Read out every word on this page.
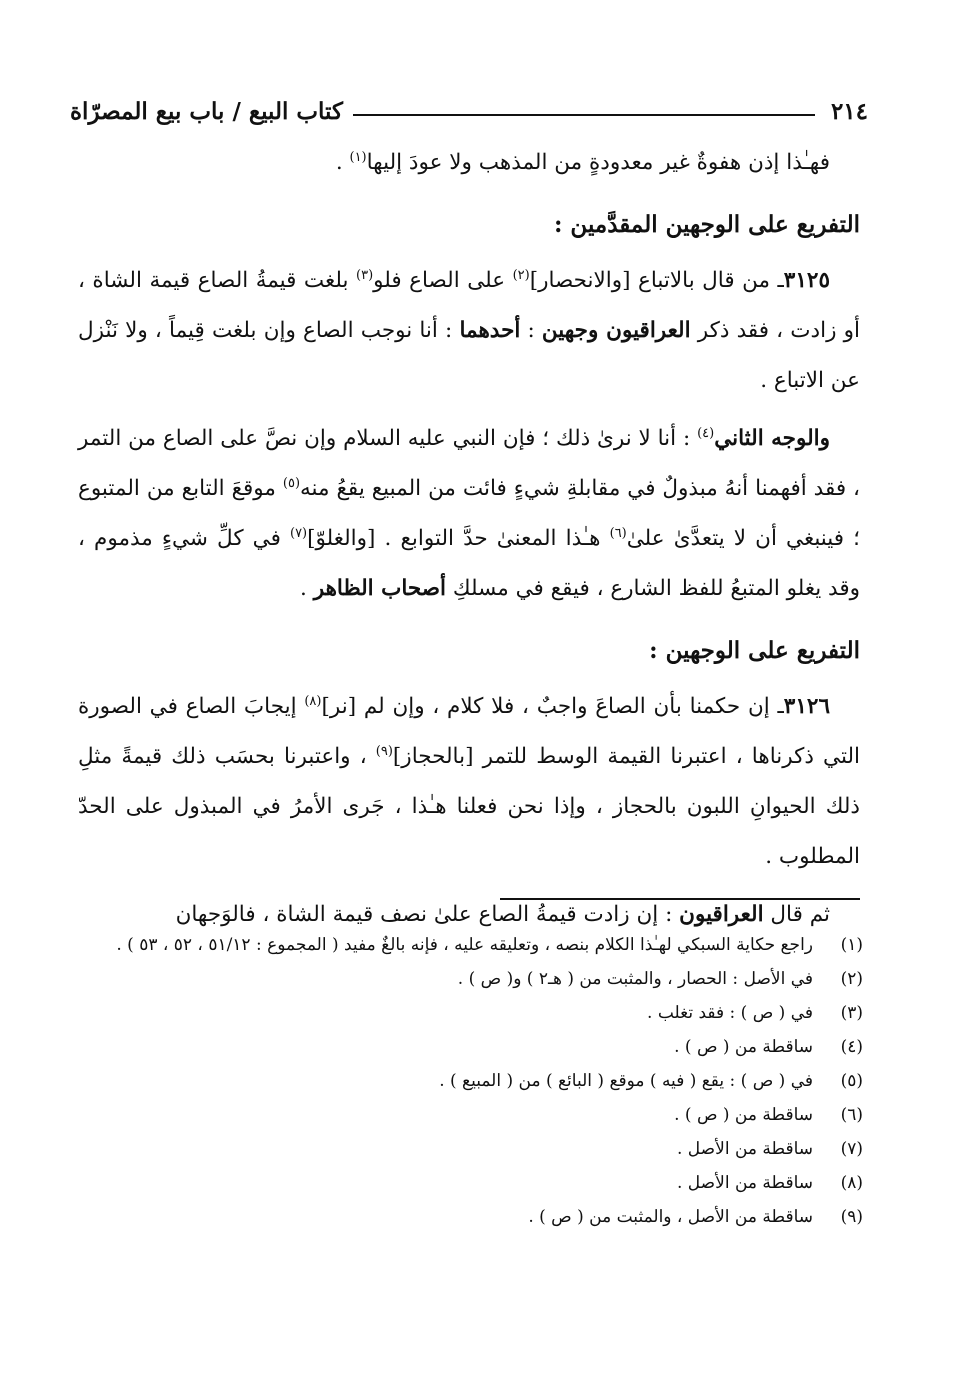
٢١٤
كتاب البيع / باب بيع المصرّاة

فهـٰذا إذن هفوةٌ غير معدودةٍ من المذهب ولا عودَ إليها$^{(١)}$ .

التفريع على الوجهين المقدَّمين :

٣١٢٥ـ من قال بالاتباع [والانحصار]$^{(٢)}$ على الصاع فلو$^{(٣)}$ بلغت قيمةُ الصاع قيمة الشاة ، أو زادت ، فقد ذكر العراقيون وجهين : أحدهما : أنا نوجب الصاع وإن بلغت قِيماً ، ولا نَنْزل عن الاتباع .

والوجه الثاني$^{(٤)}$ : أنا لا نرىٰ ذلك ؛ فإن النبي عليه السلام وإن نصَّ على الصاع من التمر ، فقد أفهمنا أنهُ مبذولٌ في مقابلةِ شيءٍ فائت من المبيع يقعُ منه$^{(٥)}$ موقعَ التابع من المتبوع ؛ فينبغي أن لا يتعدَّىٰ علىٰ$^{(٦)}$ هـٰذا المعنىٰ حدَّ التوابع . [والغلوّ]$^{(٧)}$ في كلِّ شيءٍ مذموم ، وقد يغلو المتبعُ للفظ الشارع ، فيقع في مسلكِ أصحاب الظاهر .

التفريع على الوجهين :

٣١٢٦ـ إن حكمنا بأن الصاعَ واجبٌ ، فلا كلام ، وإن لم [نر]$^{(٨)}$ إيجابَ الصاع في الصورة التي ذكرناها ، اعتبرنا القيمة الوسط للتمر [بالحجاز]$^{(٩)}$ ، واعتبرنا بحسَب ذلك قيمةً مثلِ ذلك الحيوانِ اللبون بالحجاز ، وإذا نحن فعلنا هـٰذا ، جَرى الأمرُ في المبذول على الحدّ المطلوب .

ثم قال العراقيون : إن زادت قيمةُ الصاع علىٰ نصف قيمة الشاة ، فالوَجهان

(١)
راجع حكاية السبكي لهـٰذا الكلام بنصه ، وتعليقه عليه ، فإنه بالغٌ مفيد ( المجموع : ٥١/١٢ ، ٥٢ ، ٥٣ ) .
(٢)
في الأصل : الحصار ، والمثبت من ( هـ٢ ) و( ص ) .
(٣)
في ( ص ) : فقد تغلب .
(٤)
ساقطة من ( ص ) .
(٥)
في ( ص ) : يقع ( فيه ) موقع ( البائع ) من ( المبيع ) .
(٦)
ساقطة من ( ص ) .
(٧)
ساقطة من الأصل .
(٨)
ساقطة من الأصل .
(٩)
ساقطة من الأصل ، والمثبت من ( ص ) .
